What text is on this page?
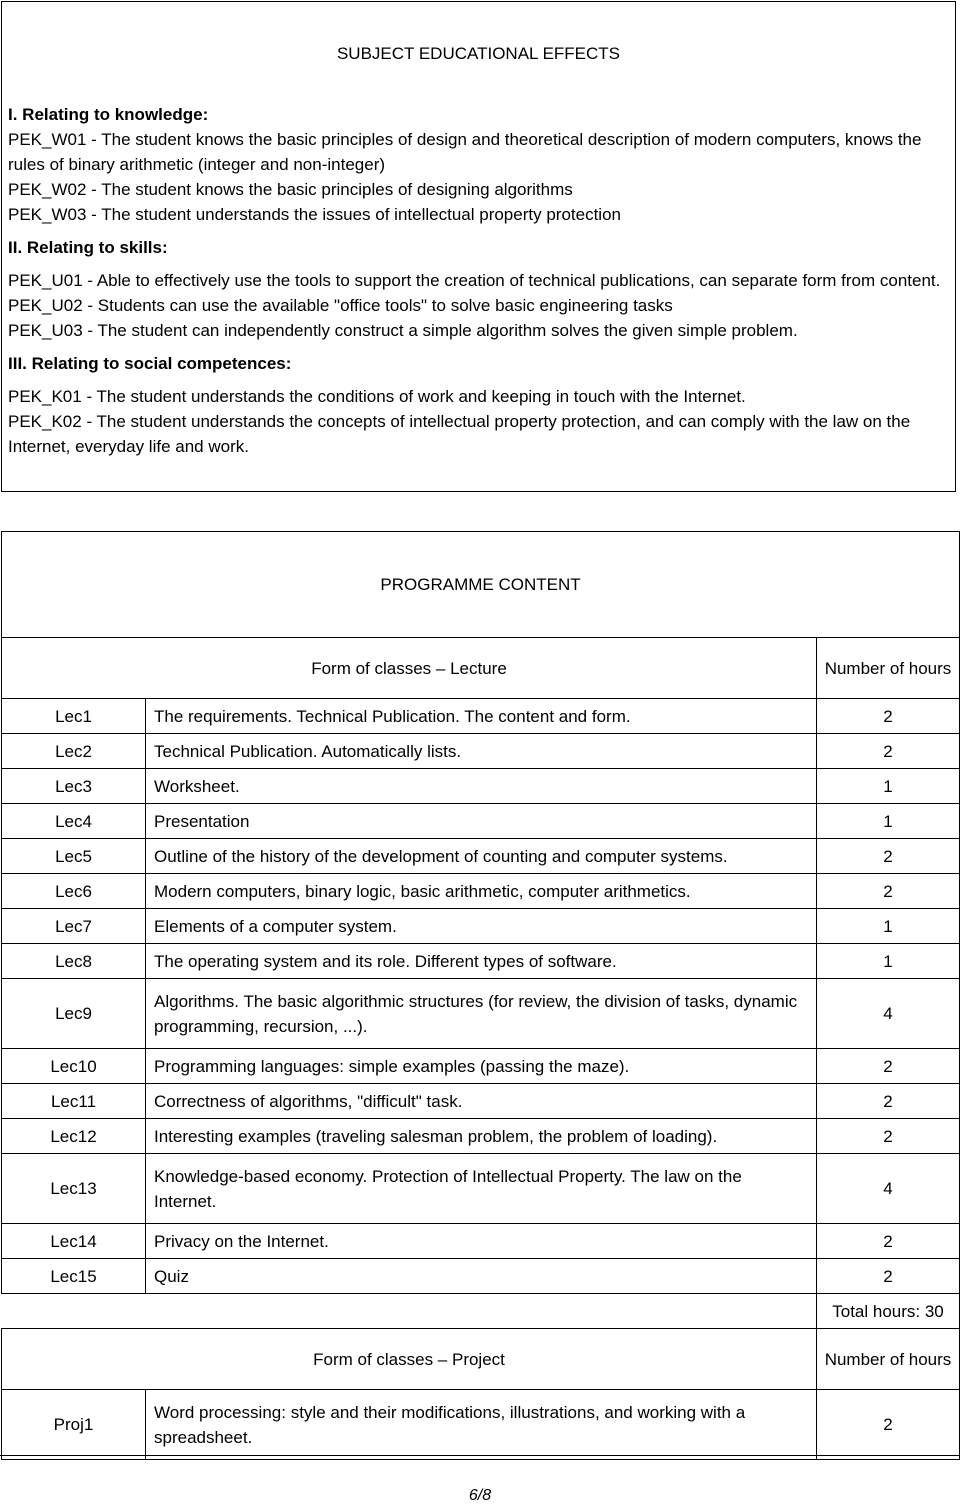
SUBJECT EDUCATIONAL EFFECTS

I. Relating to knowledge:

PEK_W01 - The student knows the basic principles of design and theoretical description of modern computers, knows the rules of binary arithmetic (integer and non-integer)

PEK_W02 - The student knows the basic principles of designing algorithms

PEK_W03 - The student understands the issues of intellectual property protection

II. Relating to skills:

PEK_U01 - Able to effectively use the tools to support the creation of technical publications, can separate form from content.

PEK_U02 - Students can use the available "office tools" to solve basic engineering tasks

PEK_U03 - The student can independently construct a simple algorithm solves the given simple problem.

III. Relating to social competences:

PEK_K01 - The student understands the conditions of work and keeping in touch with the Internet.

PEK_K02 - The student understands the concepts of intellectual property protection, and can comply with the law on the Internet, everyday life and work.

PROGRAMME CONTENT		
Form of classes – Lecture		Number of hours
Lec1	The requirements. Technical Publication. The content and form.	2
Lec2	Technical Publication. Automatically lists.	2
Lec3	Worksheet.	1
Lec4	Presentation	1
Lec5	Outline of the history of the development of counting and computer systems.	2
Lec6	Modern computers, binary logic, basic arithmetic, computer arithmetics.	2
Lec7	Elements of a computer system.	1
Lec8	The operating system and its role. Different types of software.	1
Lec9	Algorithms. The basic algorithmic structures (for review, the division of tasks, dynamic programming, recursion, ...).	4
Lec10	Programming languages: simple examples (passing the maze).	2
Lec11	Correctness of algorithms, "difficult" task.	2
Lec12	Interesting examples (traveling salesman problem, the problem of loading).	2
Lec13	Knowledge-based economy. Protection of Intellectual Property. The law on the Internet.	4
Lec14	Privacy on the Internet.	2
Lec15	Quiz	2
		Total hours: 30
Form of classes – Project		Number of hours
Proj1	Word processing: style and their modifications, illustrations, and working with a spreadsheet.	2
6/8
